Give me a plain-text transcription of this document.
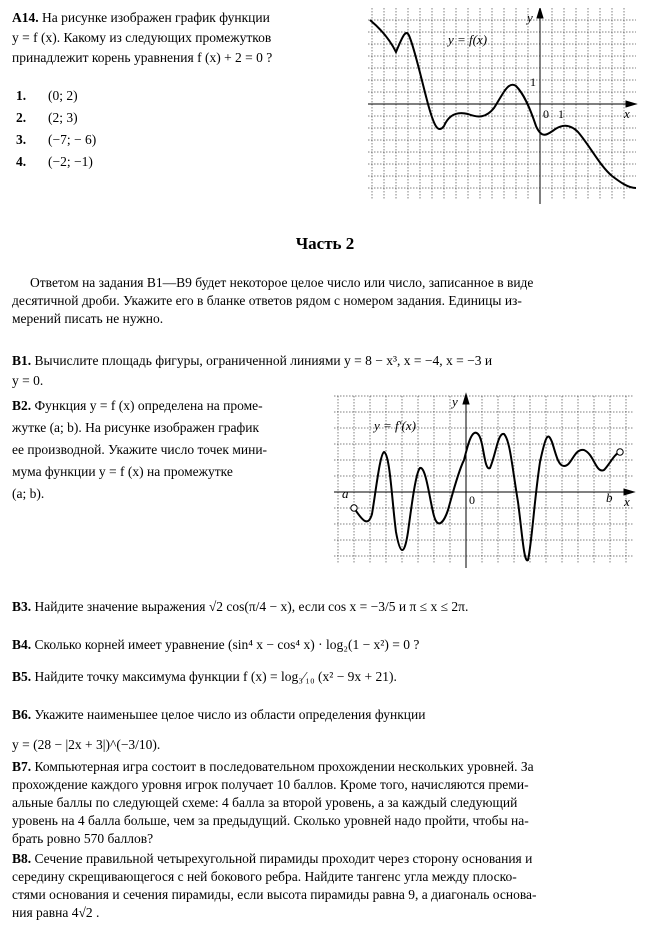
А14. На рисунке изображен график функции
y = f (x). Какому из следующих промежутков
принадлежит корень уравнения f (x) + 2 = 0 ?
1. (0; 2)
2. (2; 3)
3. (−7; − 6)
4. (−2; −1)
y = f(x)
y
x
0 1
1
Часть 2
Ответом на задания В1—В9 будет некоторое целое число или число, записанное в виде
десятичной дроби. Укажите его в бланке ответов рядом с номером задания. Единицы из-
мерений писать не нужно.
В1. Вычислите площадь фигуры, ограниченной линиями y = 8 − x³, x = −4, x = −3 и
y = 0.
В2. Функция y = f (x) определена на проме-
жутке (a; b). На рисунке изображен график
ее производной. Укажите число точек мини-
мума функции y = f (x) на промежутке
(a; b).
y = f′(x)
y
x
0
a	b
В3. Найдите значение выражения √2 cos(π/4 − x), если cos x = −3/5 и π ≤ x ≤ 2π.
В4. Сколько корней имеет уравнение (sin⁴ x − cos⁴ x) · log₂(1 − x²) = 0 ?
В5. Найдите точку максимума функции f (x) = log₃⁄₁₀ (x² − 9x + 21).
В6. Укажите наименьшее целое число из области определения функции
y = (28 − |2x + 3|)^(−3/10).
В7. Компьютерная игра состоит в последовательном прохождении нескольких уровней. За
прохождение каждого уровня игрок получает 10 баллов. Кроме того, начисляются преми-
альные баллы по следующей схеме: 4 балла за второй уровень, а за каждый следующий
уровень на 4 балла больше, чем за предыдущий. Сколько уровней надо пройти, чтобы на-
брать ровно 570 баллов?
В8. Сечение правильной четырехугольной пирамиды проходит через сторону основания и
середину скрещивающегося с ней бокового ребра. Найдите тангенс угла между плоско-
стями основания и сечения пирамиды, если высота пирамиды равна 9, а диагональ основа-
ния равна 4√2 .
